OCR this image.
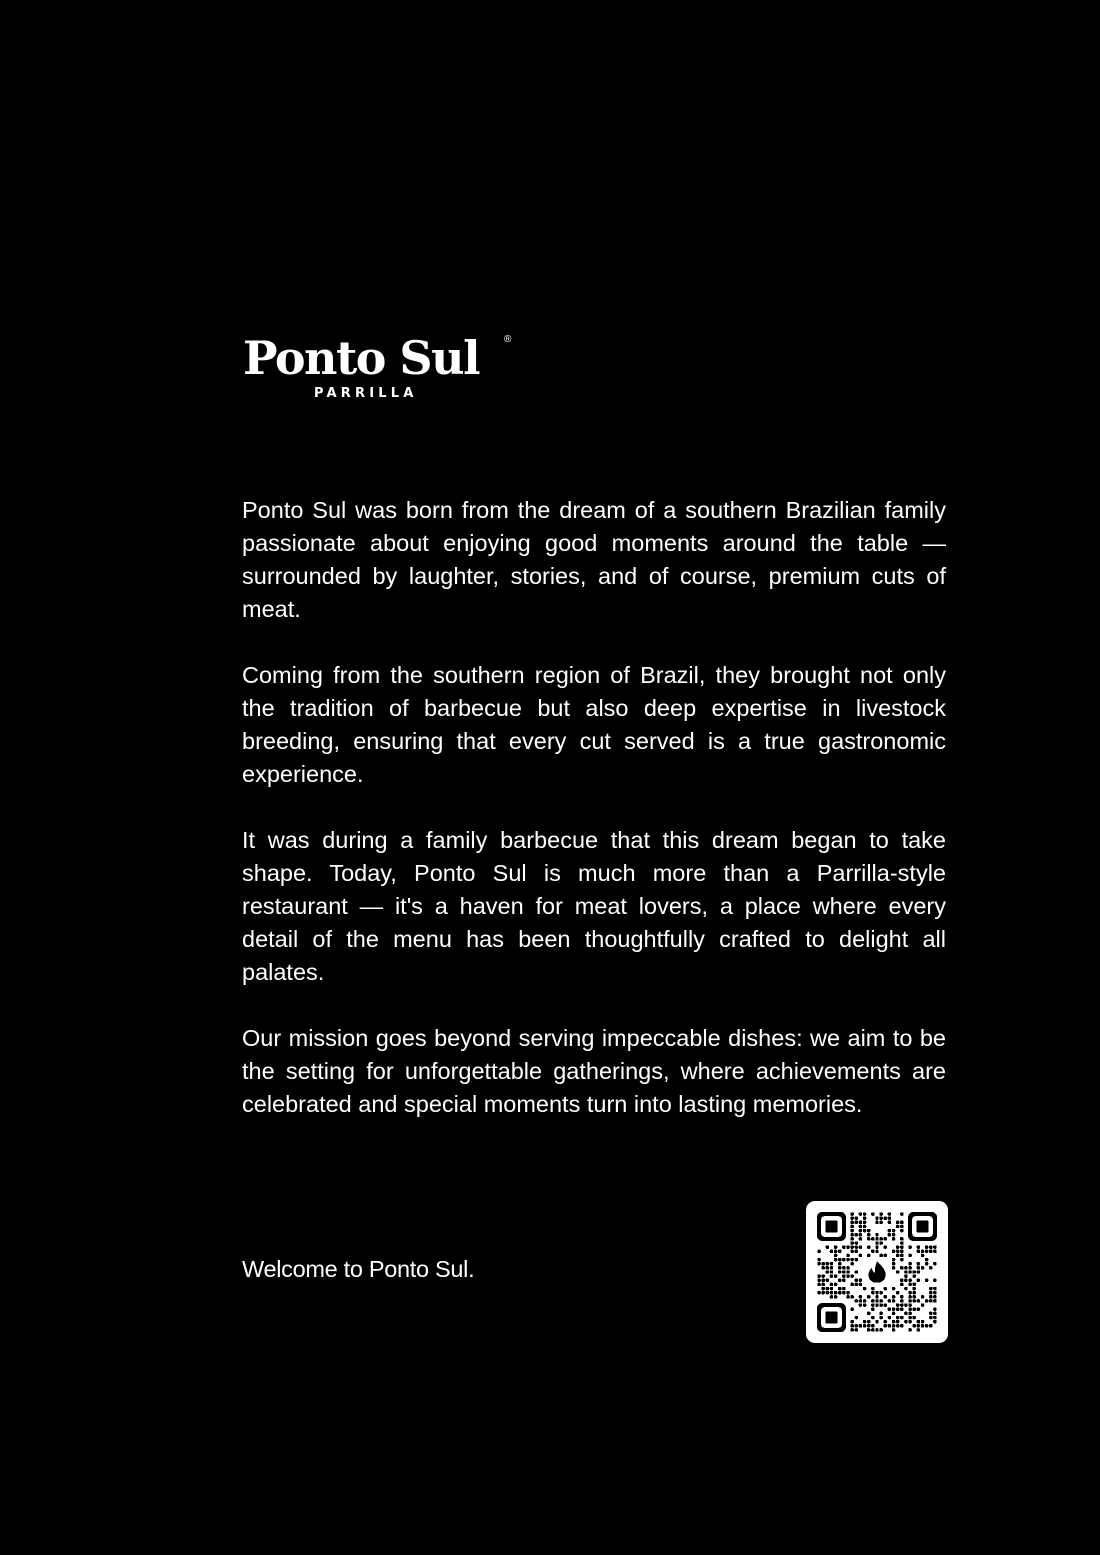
Ponto Sul ®
PARRILLA

Ponto Sul was born from the dream of a southern Brazilian family passionate about enjoying good moments around the table — surrounded by laughter, stories, and of course, premium cuts of meat.

Coming from the southern region of Brazil, they brought not only the tradition of barbecue but also deep expertise in livestock breeding, ensuring that every cut served is a true gastronomic experience.

It was during a family barbecue that this dream began to take shape. Today, Ponto Sul is much more than a Parrilla-style restaurant — it's a haven for meat lovers, a place where every detail of the menu has been thoughtfully crafted to delight all palates.

Our mission goes beyond serving impeccable dishes: we aim to be the setting for unforgettable gatherings, where achievements are celebrated and special moments turn into lasting memories.

Welcome to Ponto Sul.
